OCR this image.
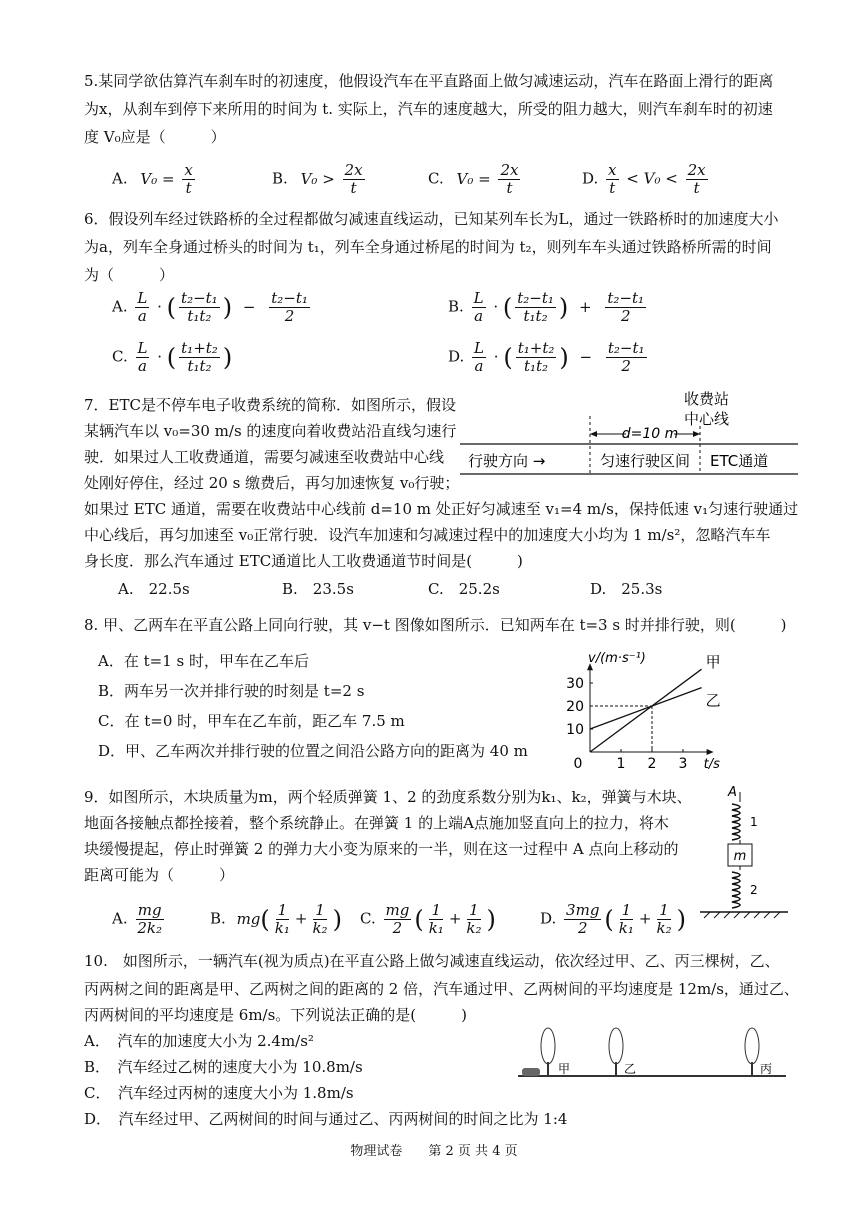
5.某同学欲估算汽车刹车时的初速度，他假设汽车在平直路面上做匀减速运动，汽车在路面上滑行的距离
为x，从刹车到停下来所用的时间为 t. 实际上，汽车的速度越大，所受的阻力越大，则汽车刹车时的初速
度 V₀应是（　　　）
A. $V_0 = \frac{x}{t}$	B. $V_0 > \frac{2x}{t}$	C. $V_0 = \frac{2x}{t}$	D. $\frac{x}{t} < V_0 < \frac{2x}{t}$
6．假设列车经过铁路桥的全过程都做匀减速直线运动，已知某列车长为L，通过一铁路桥时的加速度大小
为a，列车全身通过桥头的时间为 t₁，列车全身通过桥尾的时间为 t₂，则列车车头通过铁路桥所需的时间
为（　　　）
A. $\frac{L}{a}$ · ( $\frac{\text{t₂−t₁}}{\text{t₁t₂}}$ ) − $\frac{\text{t₂−t₁}}{2}$	B. $\frac{L}{a}$ · ( $\frac{\text{t₂−t₁}}{\text{t₁t₂}}$ ) + $\frac{\text{t₂−t₁}}{2}$
C. $\frac{L}{a}$ · ( $\frac{\text{t₁+t₂}}{\text{t₁t₂}}$ )	D. $\frac{L}{a}$ · ( $\frac{\text{t₁+t₂}}{\text{t₁t₂}}$ ) − $\frac{\text{t₂−t₁}}{2}$
7．ETC是不停车电子收费系统的简称．如图所示，假设
某辆汽车以 v₀=30 m/s 的速度向着收费站沿直线匀速行
驶．如果过人工收费通道，需要匀减速至收费站中心线
处刚好停住，经过 20 s 缴费后，再匀加速恢复 v₀行驶；
如果过 ETC 通道，需要在收费站中心线前 d=10 m 处正好匀减速至 v₁=4 m/s，保持低速 v₁匀速行驶通过
中心线后，再匀加速至 v₀正常行驶．设汽车加速和匀减速过程中的加速度大小均为 1 m/s²，忽略汽车车
身长度．那么汽车通过 ETC通道比人工收费通道节时间是(　　　)
收费站
中心线
d=10 m
行驶方向 →	匀速行驶区间 ETC通道
A.　22.5s	B.　23.5s	C.　25.2s	D.　25.3s
8. 甲、乙两车在平直公路上同向行驶，其 v−t 图像如图所示．已知两车在 t=3 s 时并排行驶，则(　　　)
A．在 t=1 s 时，甲车在乙车后
B．两车另一次并排行驶的时刻是 t=2 s
C．在 t=0 时，甲车在乙车前，距乙车 7.5 m
D．甲、乙车两次并排行驶的位置之间沿公路方向的距离为 40 m
0 1 2 3
10
20
30
v/(m·s⁻¹)
t/s
甲
乙
9．如图所示，木块质量为m，两个轻质弹簧 1、2 的劲度系数分别为k₁、k₂，弹簧与木块、
地面各接触点都拴接着，整个系统静止。在弹簧 1 的上端A点施加竖直向上的拉力，将木
块缓慢提起，停止时弹簧 2 的弹力大小变为原来的一半，则在这一过程中 A 点向上移动的
距离可能为（　　　）
A
1
m
2
A. $\frac{mg}{\text{2k₂}}$	B. $mg( \frac{1}{\text{k₁}} + \frac{1}{\text{k₂}}$ ) C. $\frac{mg}{2}$ ( $\frac{1}{\text{k₁}} + \frac{1}{\text{k₂}}$ )	D. $\frac{3mg}{2}$ ( $\frac{1}{\text{k₁}} + \frac{1}{\text{k₂}}$ )
10.　如图所示，一辆汽车(视为质点)在平直公路上做匀减速直线运动，依次经过甲、乙、丙三棵树，乙、
丙两树之间的距离是甲、乙两树之间的距离的 2 倍，汽车通过甲、乙两树间的平均速度是 12m/s，通过乙、
丙两树间的平均速度是 6m/s。下列说法正确的是(　　　)
A．　汽车的加速度大小为 2.4m/s²
B．　汽车经过乙树的速度大小为 10.8m/s
C．　汽车经过丙树的速度大小为 1.8m/s
D．　汽车经过甲、乙两树间的时间与通过乙、丙两树间的时间之比为 1:4
甲	乙	丙
物理试卷　　第 2 页 共 4 页
